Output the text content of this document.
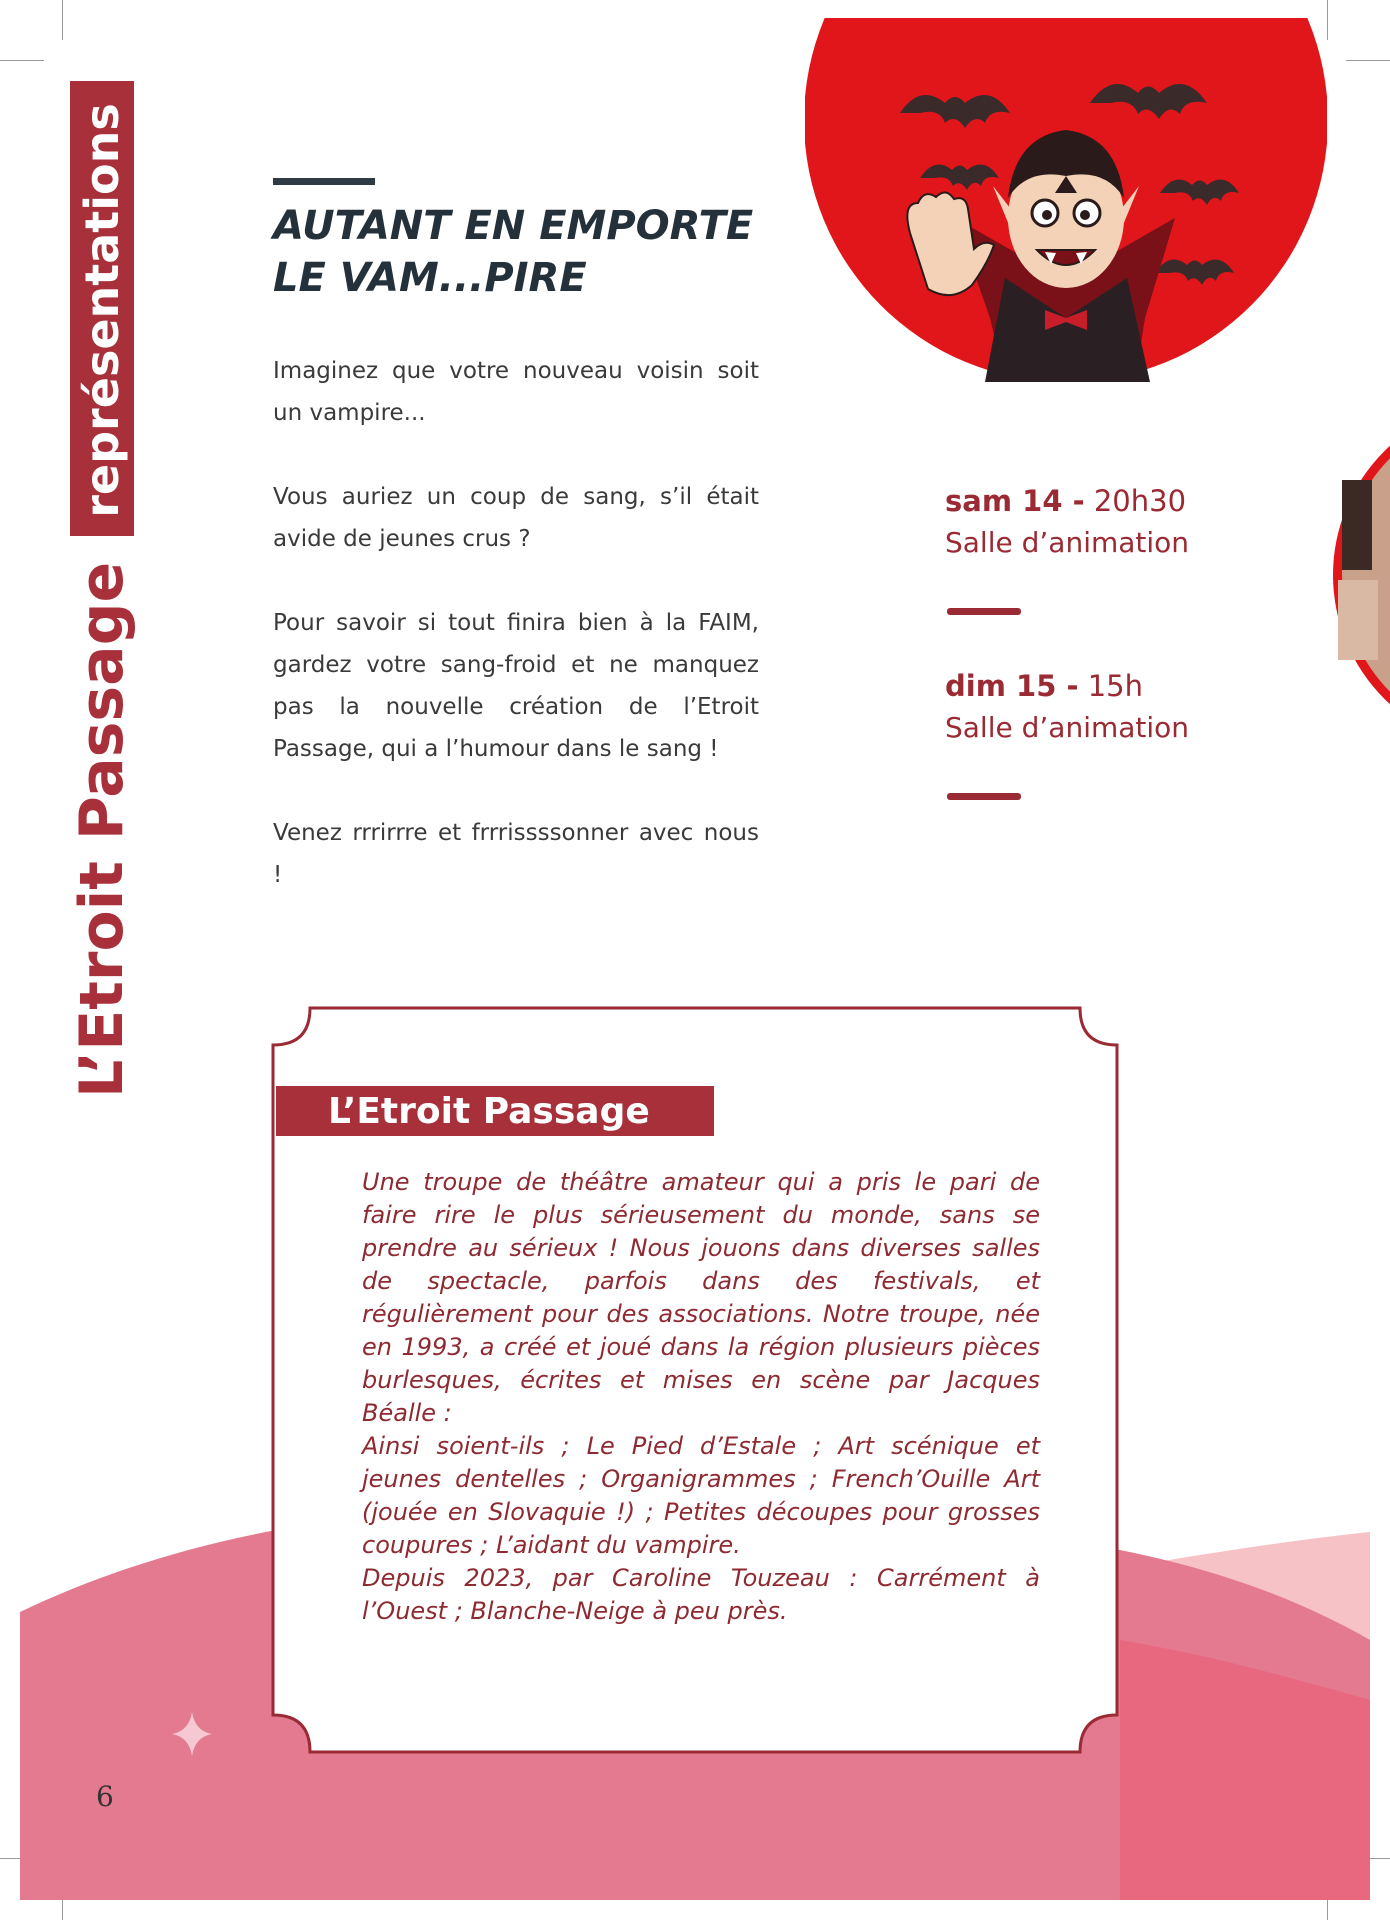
L’Etroit Passage
représentations	AUTANT EN EMPORTE
LE VAM...PIRE

Imaginez que votre nouveau voisin soit un vampire...

Vous auriez un coup de sang, s’il était avide de jeunes crus ?

Pour savoir si tout finira bien à la FAIM, gardez votre sang-froid et ne manquez pas la nouvelle création de l’Etroit Passage, qui a l’humour dans le sang !

Venez rrrirrre et frrrissssonner avec nous !

sam 14 - 20h30
Salle d’animation
dim 15 - 15h
Salle d’animation
L’Etroit Passage

Une troupe de théâtre amateur qui a pris le pari de faire rire le plus sérieusement du monde, sans se prendre au sérieux ! Nous jouons dans diverses salles de spectacle, parfois dans des festivals, et régulièrement pour des associations. Notre troupe, née en 1993, a créé et joué dans la région plusieurs pièces burlesques, écrites et mises en scène par Jacques Béalle :

Ainsi soient-ils ; Le Pied d’Estale ; Art scénique et jeunes dentelles ; Organigrammes ; French’Ouille Art (jouée en Slovaquie !) ; Petites découpes pour grosses coupures ; L’aidant du vampire.

Depuis 2023, par Caroline Touzeau : Carrément à l’Ouest ; Blanche-Neige à peu près.

6
